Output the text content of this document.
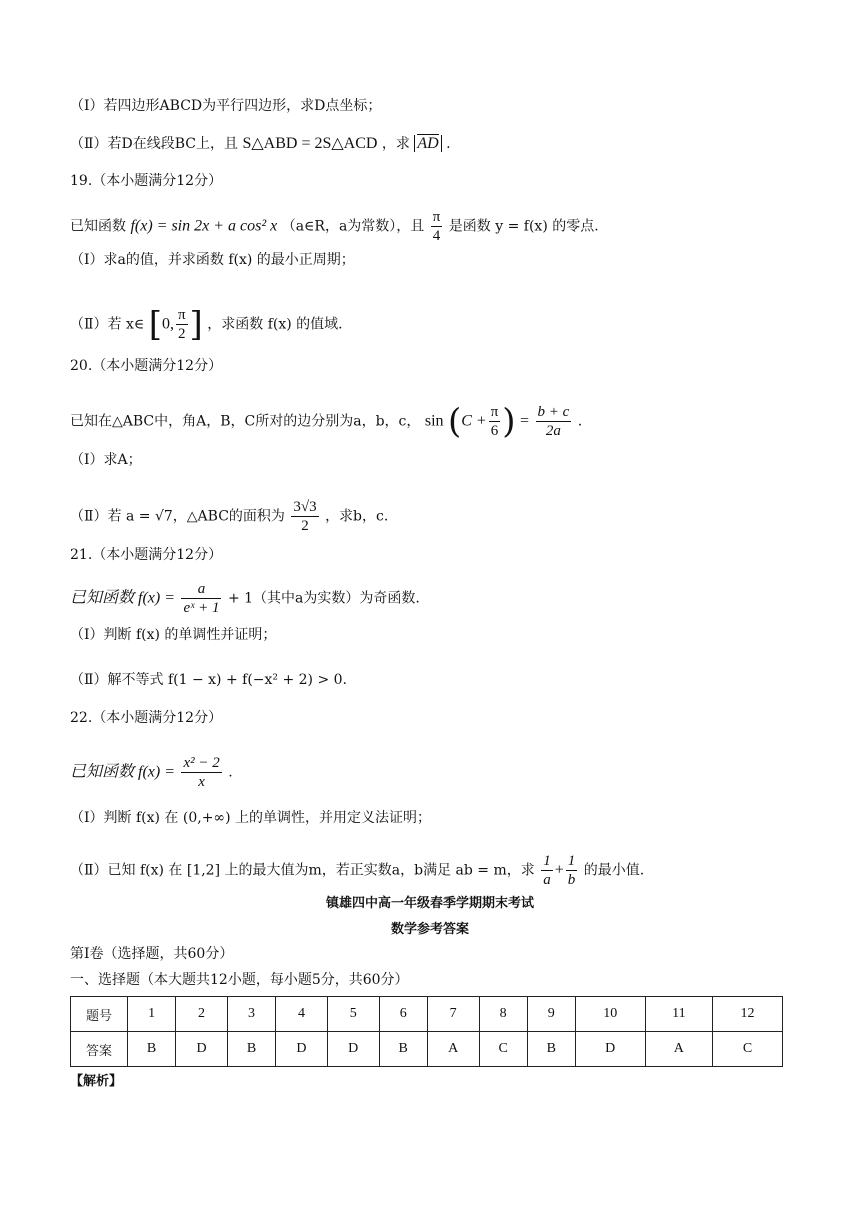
（Ⅰ）若四边形ABCD为平行四边形，求D点坐标；
（Ⅱ）若D在线段BC上，且 S△ABD = 2S△ACD ，求 AD .
19.（本小题满分12分）
已知函数 f(x) = sin 2x + a cos² x （a∈R，a为常数），且 $\frac{\pi}{4}$ 是函数 y = f(x) 的零点.
（Ⅰ）求a的值，并求函数 f(x) 的最小正周期；
（Ⅱ）若 x∈ [0, $\frac{\pi}{2}$ ] ，求函数 f(x) 的值域.
20.（本小题满分12分）
已知在△ABC中，角A，B，C所对的边分别为a，b，c， $\sin (C + \frac{\pi}{6}$ ) = $\frac{b + c}{2a}$ .
（Ⅰ）求A；
（Ⅱ）若 a = √7，△ABC的面积为 $\frac{3√3}{2}$ ，求b，c.
21.（本小题满分12分）
已知函数 $f(x) = \frac{a}{\text{eˣ + 1}} + 1$（其中a为实数）为奇函数.
（Ⅰ）判断 f(x) 的单调性并证明；
（Ⅱ）解不等式 f(1 − x) + f(−x² + 2) > 0.
22.（本小题满分12分）
已知函数 $f(x) = \frac{\text{x² − 2}}{x}$ .
（Ⅰ）判断 f(x) 在 (0,+∞) 上的单调性，并用定义法证明；
（Ⅱ）已知 f(x) 在 [1,2] 上的最大值为m，若正实数a，b满足 ab = m，求 $\frac{1}{a} + \frac{1}{b}$ 的最小值.
镇雄四中高一年级春季学期期末考试
数学参考答案
第Ⅰ卷（选择题，共60分）
一、选择题（本大题共12小题，每小题5分，共60分）
题号	1	2	3	4	5	6	7	8	9	10	11	12
答案	B	D	B	D	D	B	A	C	B	D	A	C
【解析】
